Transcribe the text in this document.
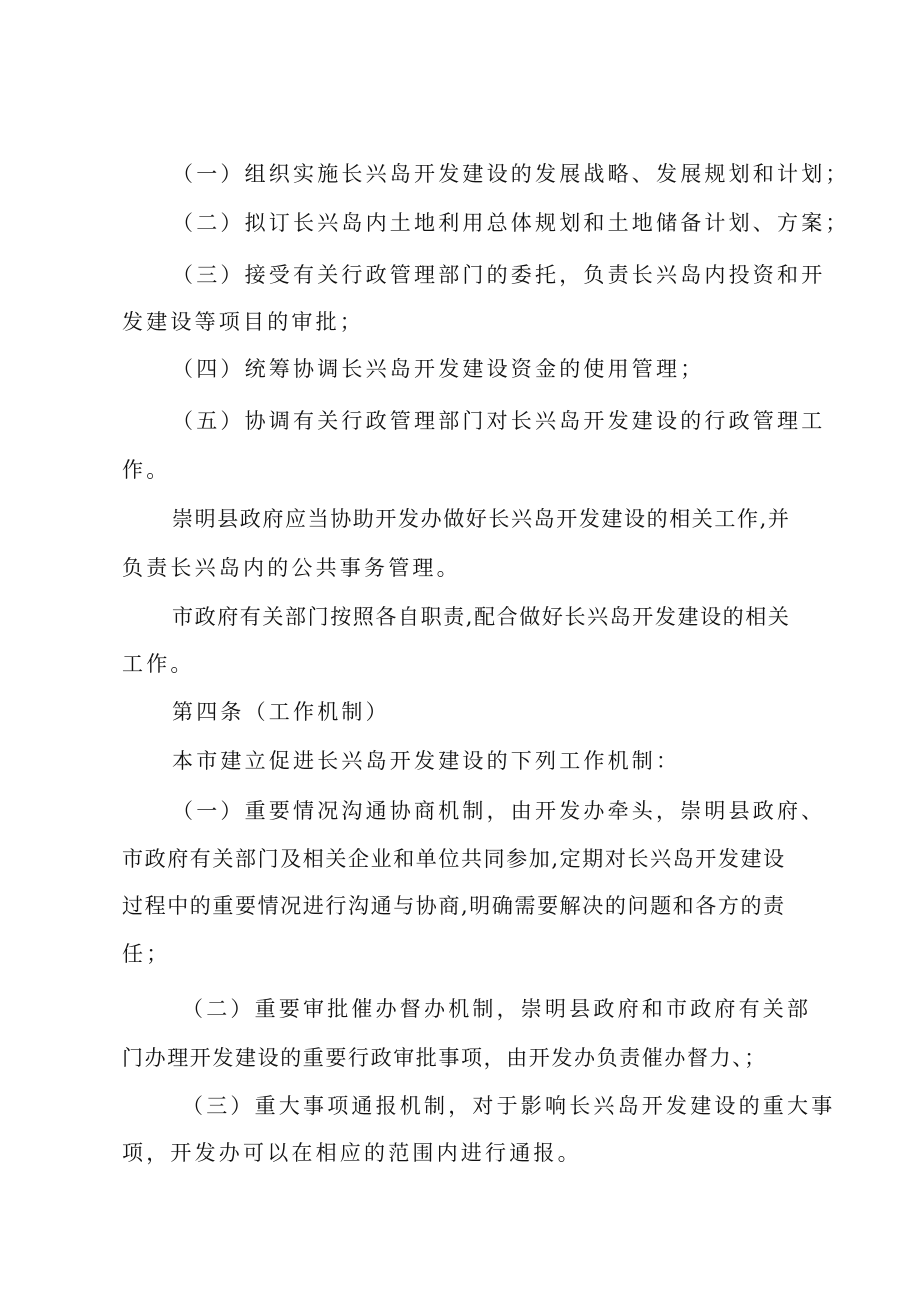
（一）组织实施长兴岛开发建设的发展战略、发展规划和计划；
（二）拟订长兴岛内土地利用总体规划和土地储备计划、方案；
（三）接受有关行政管理部门的委托，负责长兴岛内投资和开
发建设等项目的审批；
（四）统筹协调长兴岛开发建设资金的使用管理；
（五）协调有关行政管理部门对长兴岛开发建设的行政管理工
作。
崇明县政府应当协助开发办做好长兴岛开发建设的相关工作,并
负责长兴岛内的公共事务管理。
市政府有关部门按照各自职责,配合做好长兴岛开发建设的相关
工作。
第四条（工作机制）
本市建立促进长兴岛开发建设的下列工作机制：
（一）重要情况沟通协商机制，由开发办牵头，崇明县政府、
市政府有关部门及相关企业和单位共同参加,定期对长兴岛开发建设
过程中的重要情况进行沟通与协商,明确需要解决的问题和各方的责
任；
（二）重要审批催办督办机制，崇明县政府和市政府有关部
门办理开发建设的重要行政审批事项，由开发办负责催办督力、；
（三）重大事项通报机制，对于影响长兴岛开发建设的重大事
项，开发办可以在相应的范围内进行通报。
